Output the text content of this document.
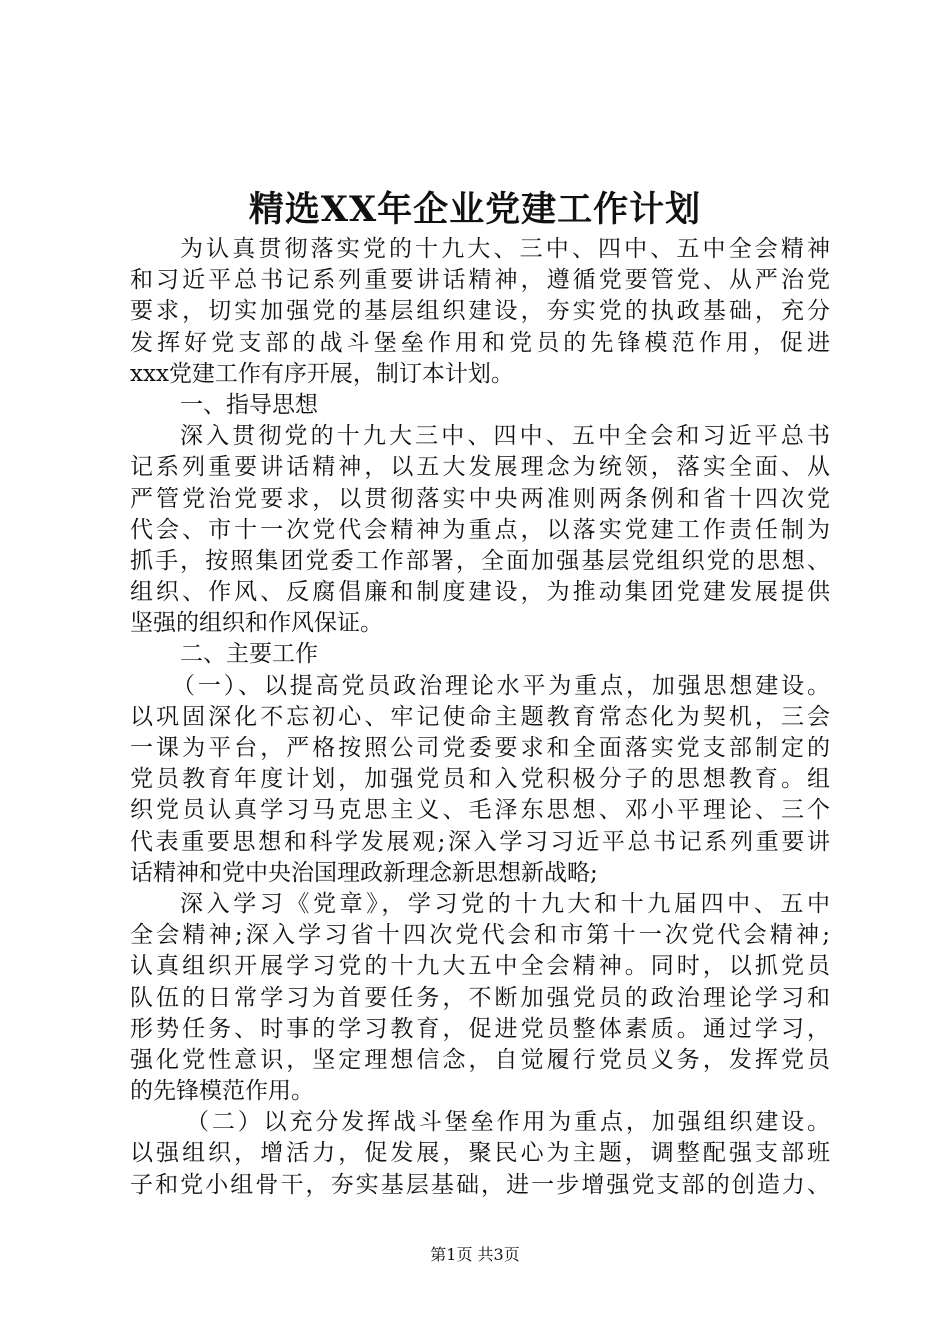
精选XX年企业党建工作计划
为认真贯彻落实党的十九大、三中、四中、五中全会精神
和习近平总书记系列重要讲话精神，遵循党要管党、从严治党
要求，切实加强党的基层组织建设，夯实党的执政基础，充分
发挥好党支部的战斗堡垒作用和党员的先锋模范作用，促进
xxx党建工作有序开展，制订本计划。
一、指导思想
深入贯彻党的十九大三中、四中、五中全会和习近平总书
记系列重要讲话精神，以五大发展理念为统领，落实全面、从
严管党治党要求，以贯彻落实中央两准则两条例和省十四次党
代会、市十一次党代会精神为重点，以落实党建工作责任制为
抓手，按照集团党委工作部署，全面加强基层党组织党的思想、
组织、作风、反腐倡廉和制度建设，为推动集团党建发展提供
坚强的组织和作风保证。
二、主要工作
（一）、以提高党员政治理论水平为重点，加强思想建设。
以巩固深化不忘初心、牢记使命主题教育常态化为契机，三会
一课为平台，严格按照公司党委要求和全面落实党支部制定的
党员教育年度计划，加强党员和入党积极分子的思想教育。组
织党员认真学习马克思主义、毛泽东思想、邓小平理论、三个
代表重要思想和科学发展观;深入学习习近平总书记系列重要讲
话精神和党中央治国理政新理念新思想新战略;
深入学习《党章》，学习党的十九大和十九届四中、五中
全会精神;深入学习省十四次党代会和市第十一次党代会精神;
认真组织开展学习党的十九大五中全会精神。同时，以抓党员
队伍的日常学习为首要任务，不断加强党员的政治理论学习和
形势任务、时事的学习教育，促进党员整体素质。通过学习，
强化党性意识，坚定理想信念，自觉履行党员义务，发挥党员
的先锋模范作用。
（二）以充分发挥战斗堡垒作用为重点，加强组织建设。
以强组织，增活力，促发展，聚民心为主题，调整配强支部班
子和党小组骨干，夯实基层基础，进一步增强党支部的创造力、
第1页 共3页
